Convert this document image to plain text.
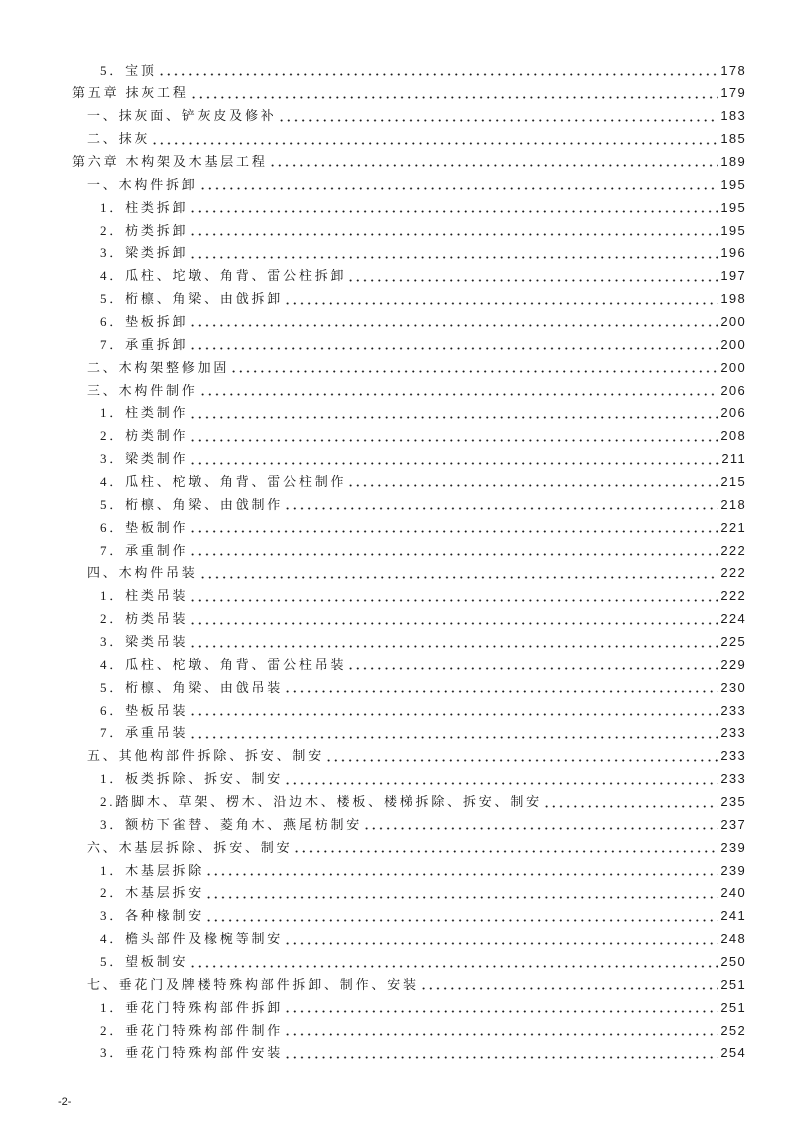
5．宝顶	178
第五章 抹灰工程	179
一、抹灰面、铲灰皮及修补	183
二、抹灰	185
第六章 木构架及木基层工程	189
一、木构件拆卸	195
1．柱类拆卸	195
2．枋类拆卸	195
3．梁类拆卸	196
4．瓜柱、坨墩、角背、雷公柱拆卸	197
5．桁檩、角梁、由戗拆卸	198
6．垫板拆卸	200
7．承重拆卸	200
二、木构架整修加固	200
三、木构件制作	206
1．柱类制作	206
2．枋类制作	208
3．梁类制作	211
4．瓜柱、柁墩、角背、雷公柱制作	215
5．桁檩、角梁、由戗制作	218
6．垫板制作	221
7．承重制作	222
四、木构件吊装	222
1．柱类吊装	222
2．枋类吊装	224
3．梁类吊装	225
4．瓜柱、柁墩、角背、雷公柱吊装	229
5．桁檩、角梁、由戗吊装	230
6．垫板吊装	233
7．承重吊装	233
五、其他构部件拆除、拆安、制安	233
1．板类拆除、拆安、制安	233
2.踏脚木、草架、楞木、沿边木、楼板、楼梯拆除、拆安、制安	235
3．额枋下雀替、菱角木、燕尾枋制安	237
六、木基层拆除、拆安、制安	239
1．木基层拆除	239
2．木基层拆安	240
3．各种椽制安	241
4．檐头部件及椽椀等制安	248
5．望板制安	250
七、垂花门及牌楼特殊构部件拆卸、制作、安装	251
1．垂花门特殊构部件拆卸	251
2．垂花门特殊构部件制作	252
3．垂花门特殊构部件安装	254
-2-
